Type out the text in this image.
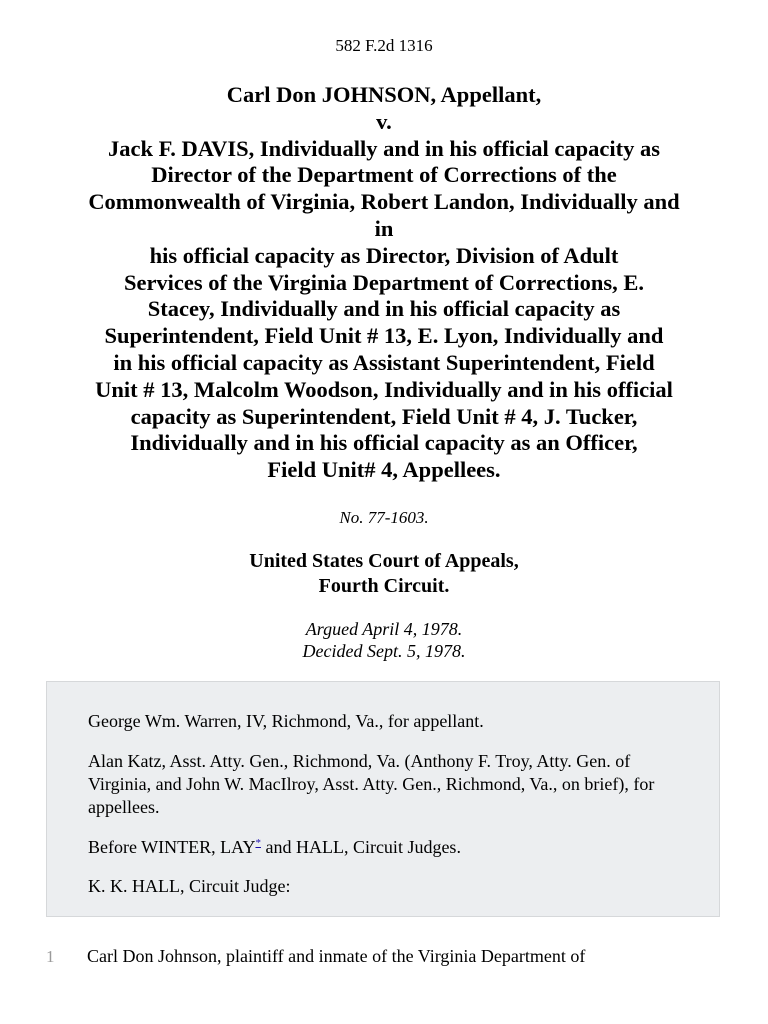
582 F.2d 1316
Carl Don JOHNSON, Appellant,
v.
Jack F. DAVIS, Individually and in his official capacity as
Director of the Department of Corrections of the
Commonwealth of Virginia, Robert Landon, Individually and
in
his official capacity as Director, Division of Adult
Services of the Virginia Department of Corrections, E.
Stacey, Individually and in his official capacity as
Superintendent, Field Unit # 13, E. Lyon, Individually and
in his official capacity as Assistant Superintendent, Field
Unit # 13, Malcolm Woodson, Individually and in his official
capacity as Superintendent, Field Unit # 4, J. Tucker,
Individually and in his official capacity as an Officer,
Field Unit# 4, Appellees.
No. 77-1603.
United States Court of Appeals,
Fourth Circuit.
Argued April 4, 1978.
Decided Sept. 5, 1978.

George Wm. Warren, IV, Richmond, Va., for appellant.

Alan Katz, Asst. Atty. Gen., Richmond, Va. (Anthony F. Troy, Atty. Gen. of Virginia, and John W. MacIlroy, Asst. Atty. Gen., Richmond, Va., on brief), for appellees.

Before WINTER, LAY* and HALL, Circuit Judges.

K. K. HALL, Circuit Judge:

1 Carl Don Johnson, plaintiff and inmate of the Virginia Department of
